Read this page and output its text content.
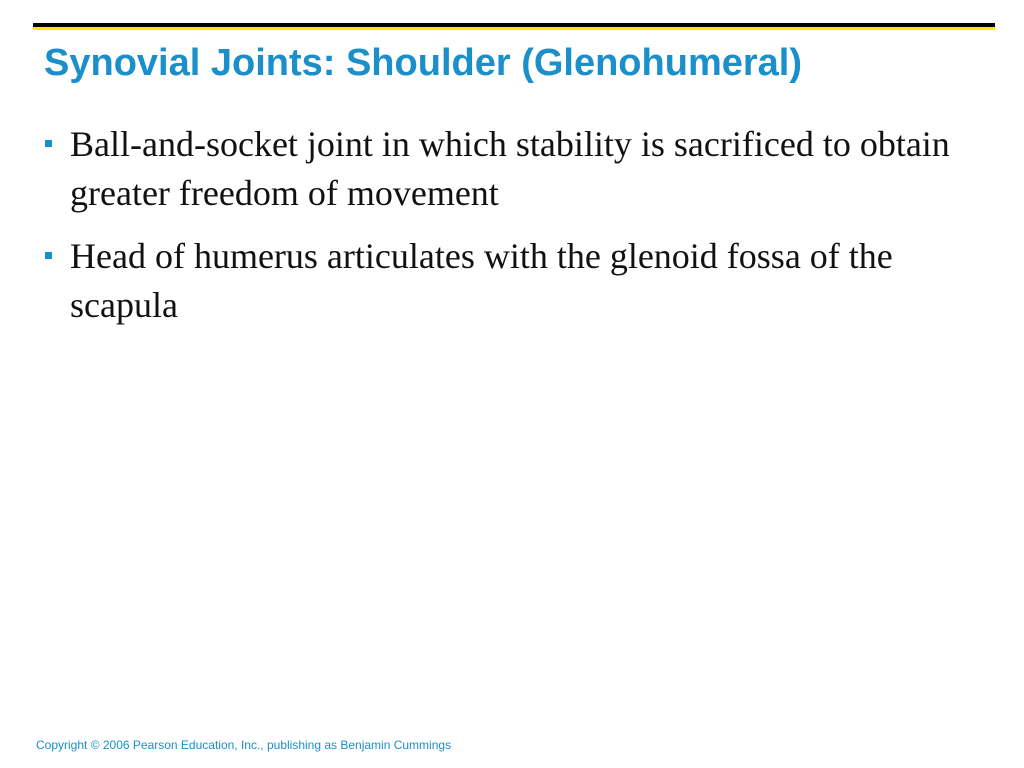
Synovial Joints: Shoulder (Glenohumeral)
Ball-and-socket joint in which stability is sacrificed to obtain greater freedom of movement
Head of humerus articulates with the glenoid fossa of the scapula
Copyright © 2006 Pearson Education, Inc., publishing as Benjamin Cummings
